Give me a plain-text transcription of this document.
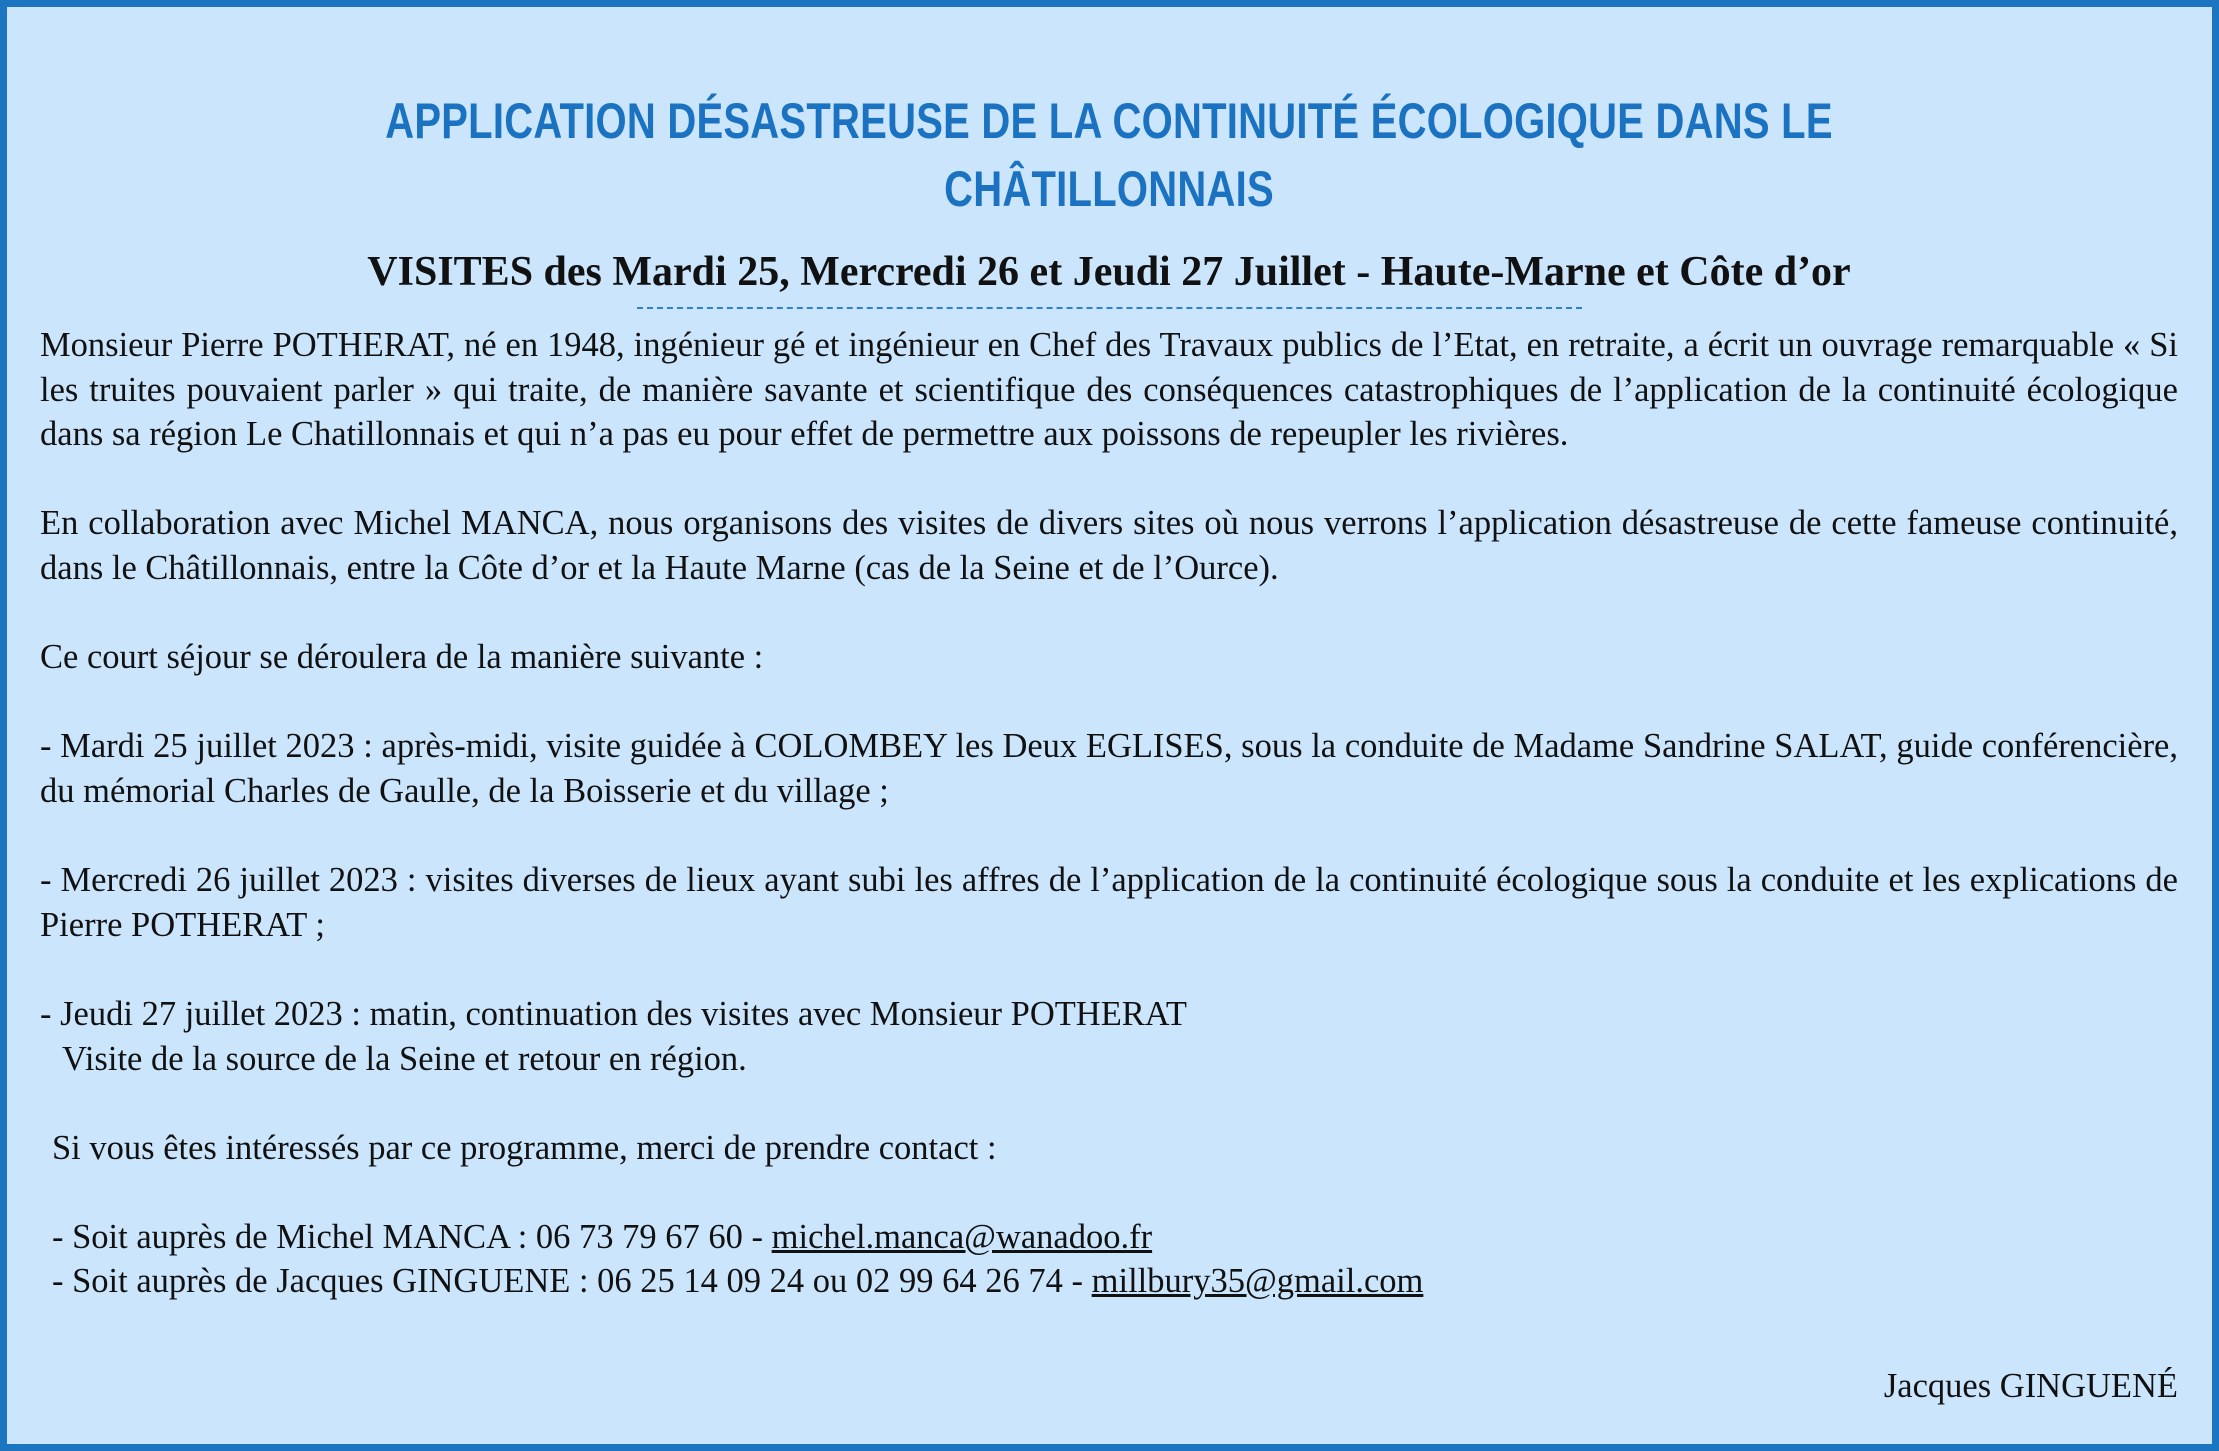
APPLICATION DÉSASTREUSE DE LA CONTINUITÉ ÉCOLOGIQUE DANS LE CHÂTILLONNAIS
VISITES des Mardi 25, Mercredi 26 et Jeudi 27 Juillet - Haute-Marne et Côte d’or

Monsieur Pierre POTHERAT, né en 1948, ingénieur gé et ingénieur en Chef des Travaux publics de l’Etat, en retraite, a écrit un ouvrage remarquable « Si les truites pouvaient parler » qui traite, de manière savante et scientifique des conséquences catastrophiques de l’application de la continuité écologique dans sa région Le Chatillonnais et qui n’a pas eu pour effet de permettre aux poissons de repeupler les rivières.

En collaboration avec Michel MANCA, nous organisons des visites de divers sites où nous verrons l’application désastreuse de cette fameuse continuité, dans le Châtillonnais, entre la Côte d’or et la Haute Marne (cas de la Seine et de l’Ource).

Ce court séjour se déroulera de la manière suivante :

- Mardi 25 juillet 2023 : après-midi, visite guidée à COLOMBEY les Deux EGLISES, sous la conduite de Madame Sandrine SALAT, guide conférencière, du mémorial Charles de Gaulle, de la Boisserie et du village ;

- Mercredi 26 juillet 2023 : visites diverses de lieux ayant subi les affres de l’application de la continuité écologique sous la conduite et les explications de Pierre POTHERAT ;

- Jeudi 27 juillet 2023 : matin, continuation des visites avec Monsieur POTHERAT

Visite de la source de la Seine et retour en région.

Si vous êtes intéressés par ce programme, merci de prendre contact :

- Soit auprès de Michel MANCA : 06 73 79 67 60 - michel.manca@wanadoo.fr

- Soit auprès de Jacques GINGUENE : 06 25 14 09 24 ou 02 99 64 26 74 - millbury35@gmail.com

Jacques GINGUENÉ
